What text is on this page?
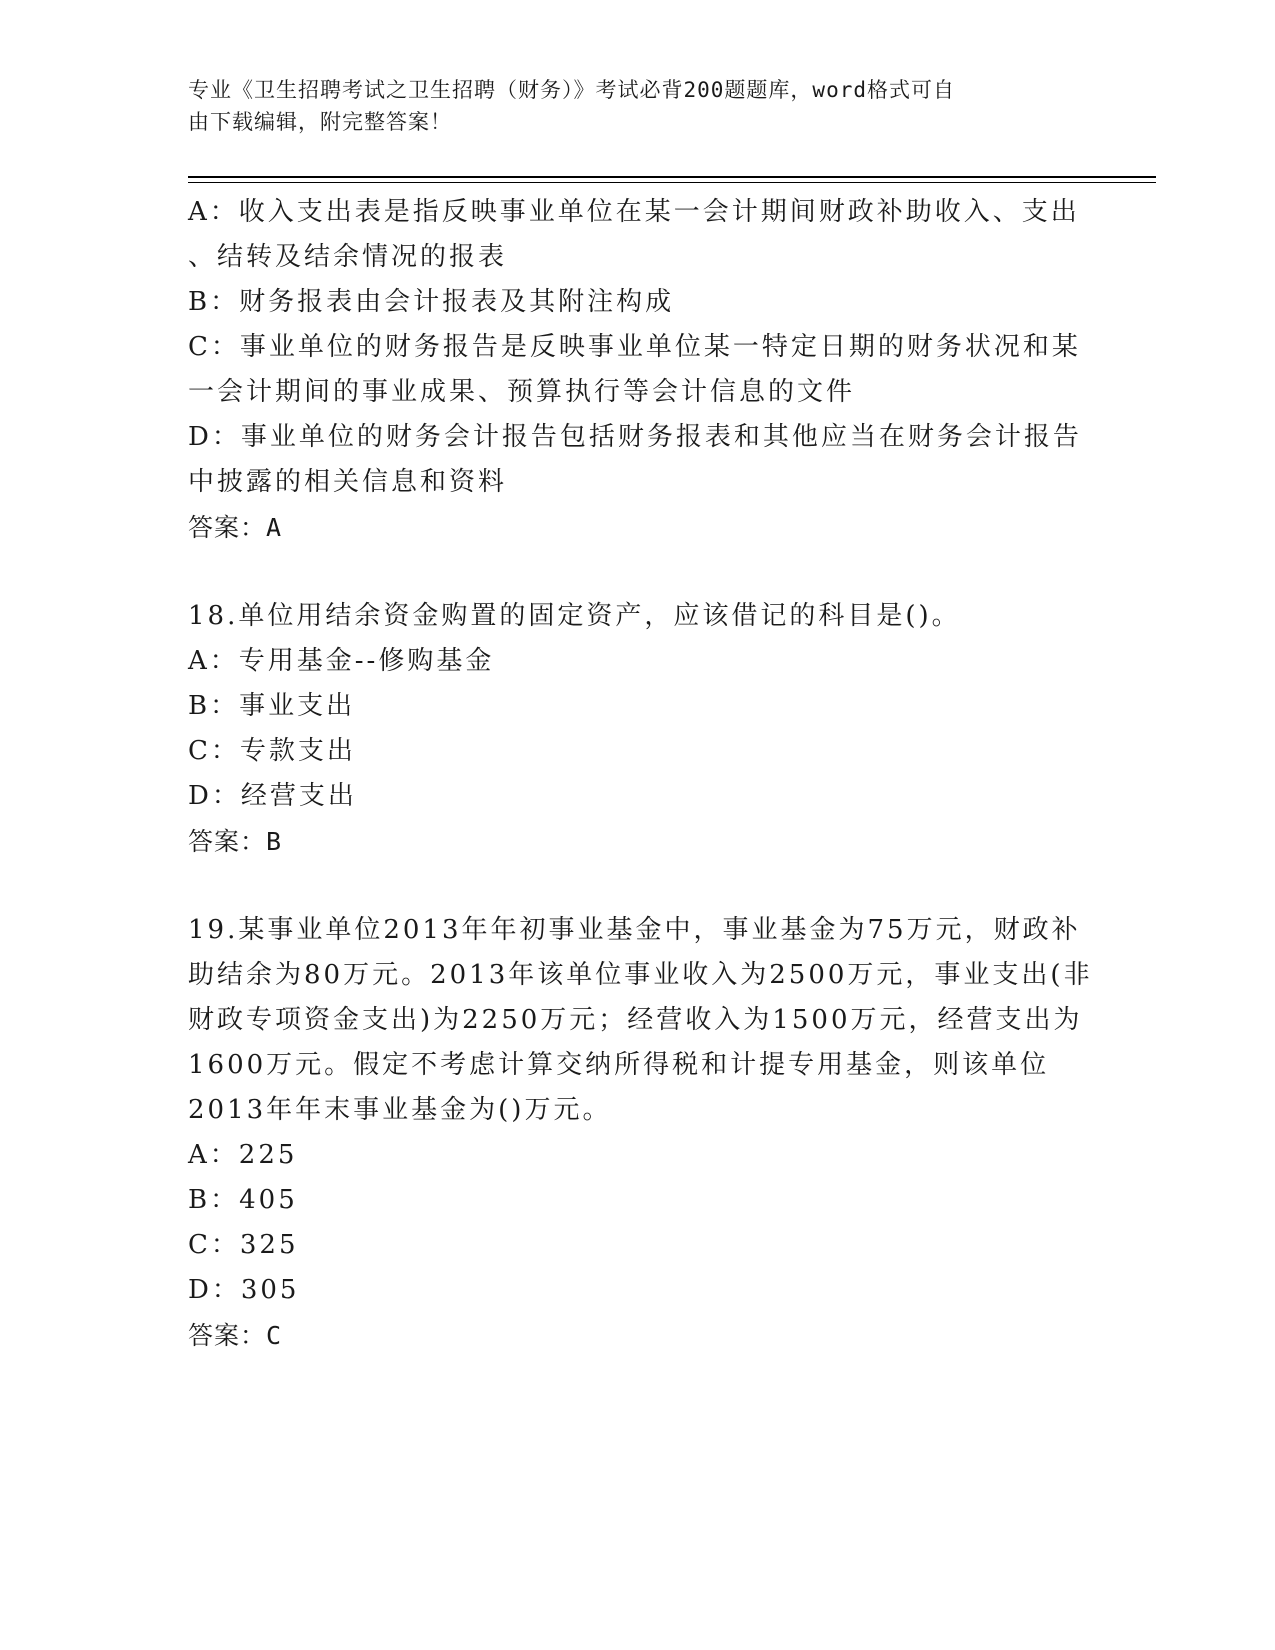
专业《卫生招聘考试之卫生招聘（财务）》考试必背200题题库，word格式可自
由下载编辑，附完整答案！
A：收入支出表是指反映事业单位在某一会计期间财政补助收入、支出
、结转及结余情况的报表
B：财务报表由会计报表及其附注构成
C：事业单位的财务报告是反映事业单位某一特定日期的财务状况和某
一会计期间的事业成果、预算执行等会计信息的文件
D：事业单位的财务会计报告包括财务报表和其他应当在财务会计报告
中披露的相关信息和资料
答案：A
18.单位用结余资金购置的固定资产，应该借记的科目是()。
A：专用基金--修购基金
B：事业支出
C：专款支出
D：经营支出
答案：B
19.某事业单位2013年年初事业基金中，事业基金为75万元，财政补
助结余为80万元。2013年该单位事业收入为2500万元，事业支出(非
财政专项资金支出)为2250万元；经营收入为1500万元，经营支出为
1600万元。假定不考虑计算交纳所得税和计提专用基金，则该单位
2013年年末事业基金为()万元。
A：225
B：405
C：325
D：305
答案：C
